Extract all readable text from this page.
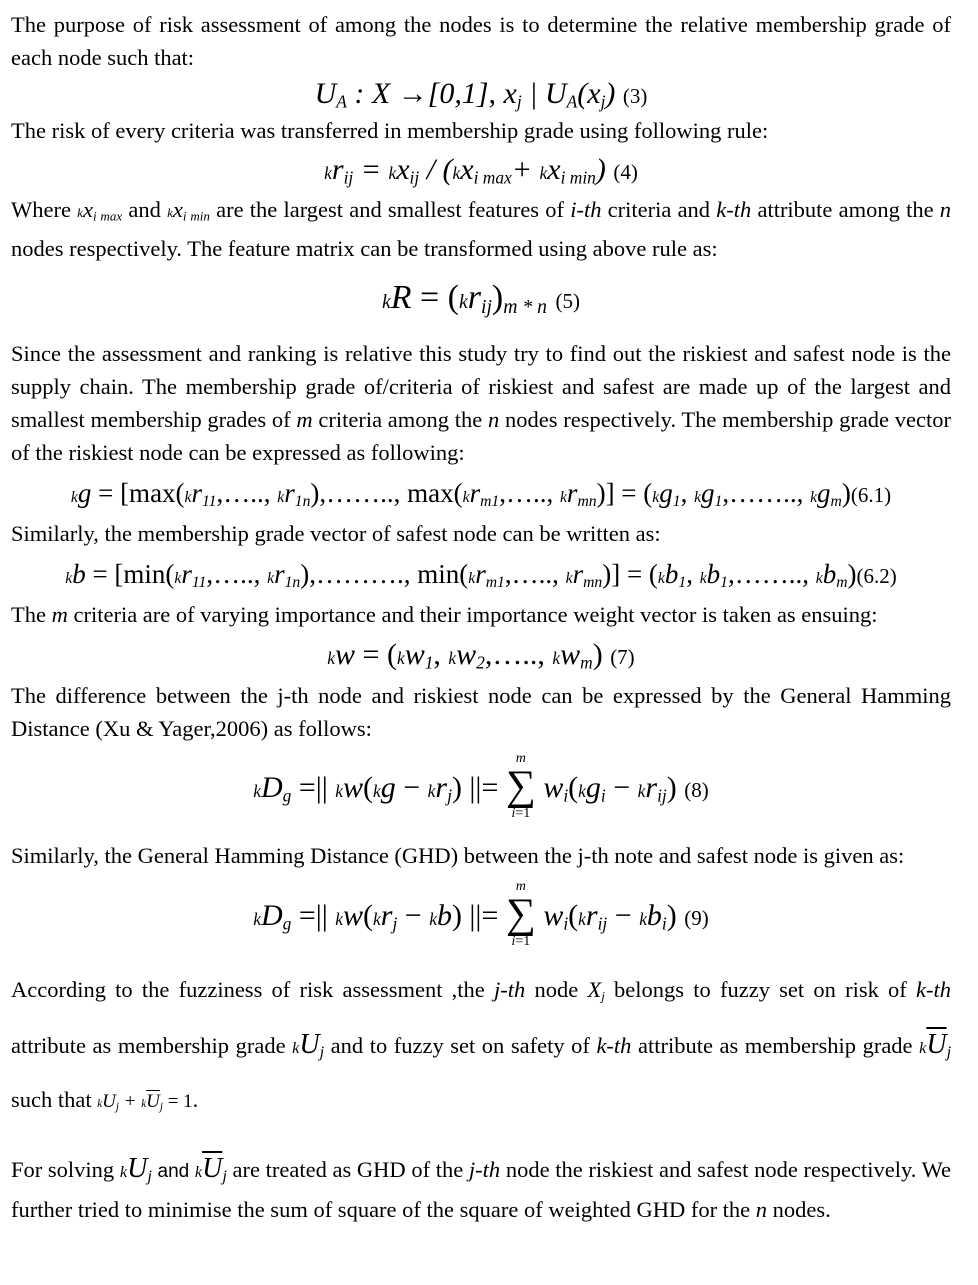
The purpose of risk assessment of among the nodes is to determine the relative membership grade of each node such that:

UA : X →[0,1], xj | UA(xj) (3)

The risk of every criteria was transferred in membership grade using following rule:

krij = kxij / (kxi max+ kxi min) (4)

Where kxi max and kxi min are the largest and smallest features of i-th criteria and k-th attribute among the n nodes respectively. The feature matrix can be transformed using above rule as:

kR = (krij)m * n (5)

Since the assessment and ranking is relative this study try to find out the riskiest and safest node is the supply chain. The membership grade of/criteria of riskiest and safest are made up of the largest and smallest membership grades of m criteria among the n nodes respectively. The membership grade vector of the riskiest node can be expressed as following:

kg = [max(kr11,….., kr1n),…….., max(krm1,….., krmn)] = (kg1, kg1,…….., kgm)(6.1)

Similarly, the membership grade vector of safest node can be written as:

kb = [min(kr11,….., kr1n),………., min(krm1,….., krmn)] = (kb1, kb1,…….., kbm)(6.2)

The m criteria are of varying importance and their importance weight vector is taken as ensuing:

kw = (kw1, kw2,….., kwm) (7)

The difference between the j-th node and riskiest node can be expressed by the General Hamming Distance (Xu & Yager,2006) as follows:

kDg =|| kw(kg − krj) ||=
m
∑
i=1
wi(kgi − krij) (8)

Similarly, the General Hamming Distance (GHD) between the j-th note and safest node is given as:

kDg =|| kw(krj − kb) ||=
m
∑
i=1
wi(krij − kbi) (9)

According to the fuzziness of risk assessment ,the j-th node Xj belongs to fuzzy set on risk of k-th attribute as membership grade kUj and to fuzzy set on safety of k-th attribute as membership grade $k\overline{U}j$ such that kUj + $k\overline{U}j = 1$.

For solving kUj and $k\overline{U}j$ are treated as GHD of the j-th node the riskiest and safest node respectively. We further tried to minimise the sum of square of the square of weighted GHD for the n nodes.
